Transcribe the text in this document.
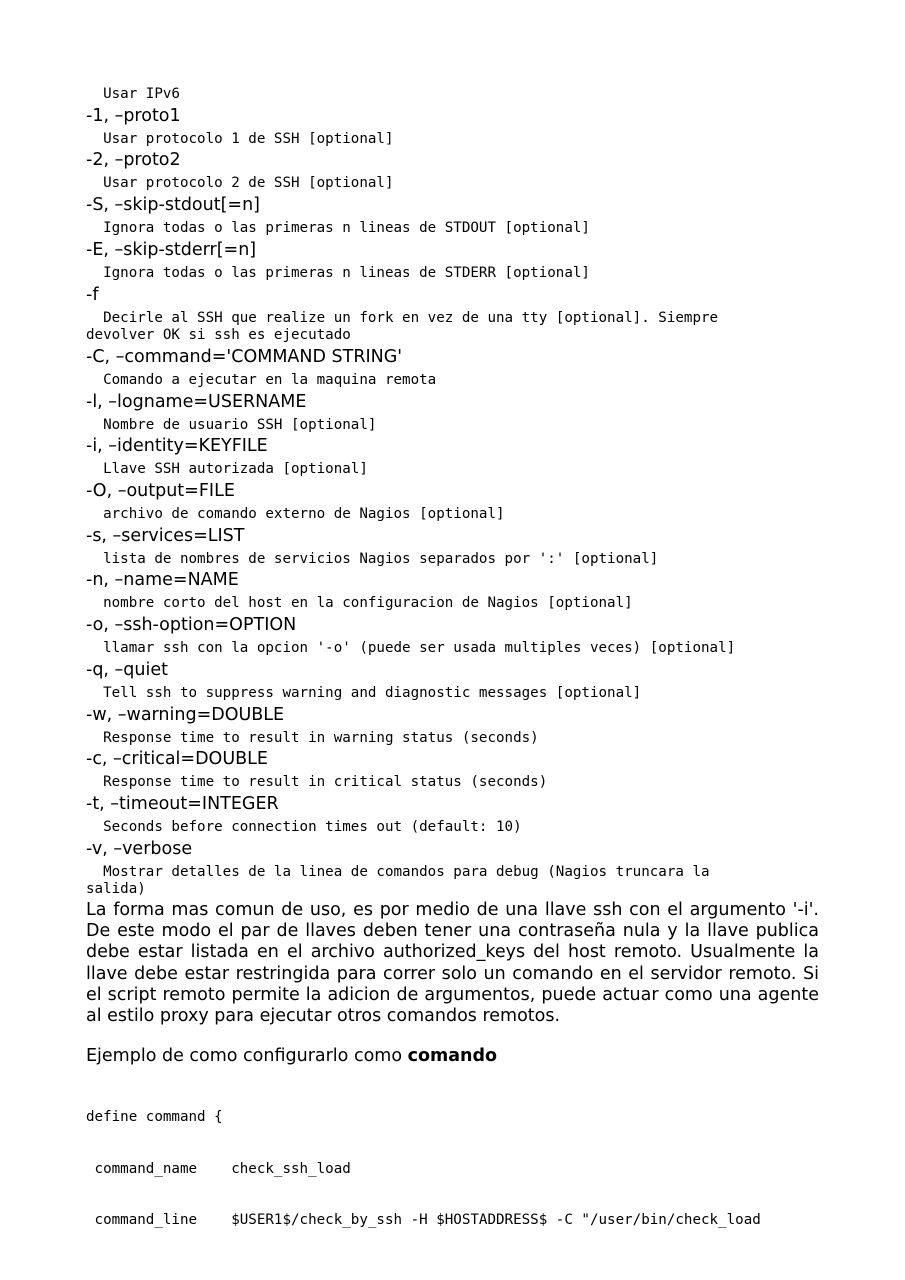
Usar IPv6
-1, –proto1
Usar protocolo 1 de SSH [optional]
-2, –proto2
Usar protocolo 2 de SSH [optional]
-S, –skip-stdout[=n]
Ignora todas o las primeras n lineas de STDOUT [optional]
-E, –skip-stderr[=n]
Ignora todas o las primeras n lineas de STDERR [optional]
-f
Decirle al SSH que realize un fork en vez de una tty [optional]. Siempre
devolver OK si ssh es ejecutado
-C, –command='COMMAND STRING'
Comando a ejecutar en la maquina remota
-l, –logname=USERNAME
Nombre de usuario SSH [optional]
-i, –identity=KEYFILE
Llave SSH autorizada [optional]
-O, –output=FILE
archivo de comando externo de Nagios [optional]
-s, –services=LIST
lista de nombres de servicios Nagios separados por ':' [optional]
-n, –name=NAME
nombre corto del host en la configuracion de Nagios [optional]
-o, –ssh-option=OPTION
llamar ssh con la opcion '-o' (puede ser usada multiples veces) [optional]
-q, –quiet
Tell ssh to suppress warning and diagnostic messages [optional]
-w, –warning=DOUBLE
Response time to result in warning status (seconds)
-c, –critical=DOUBLE
Response time to result in critical status (seconds)
-t, –timeout=INTEGER
Seconds before connection times out (default: 10)
-v, –verbose
Mostrar detalles de la linea de comandos para debug (Nagios truncara la
salida)

La forma mas comun de uso, es por medio de una llave ssh con el argumento '-i'. De este modo el par de llaves deben tener una contraseña nula y la llave publica debe estar listada en el archivo authorized_keys del host remoto. Usualmente la llave debe estar restringida para correr solo un comando en el servidor remoto. Si el script remoto permite la adicion de argumentos, puede actuar como una agente al estilo proxy para ejecutar otros comandos remotos.

Ejemplo de como configurarlo como comando

define command {

command_name    check_ssh_load

command_line    $USER1$/check_by_ssh -H $HOSTADDRESS$ -C "/user/bin/check_load
